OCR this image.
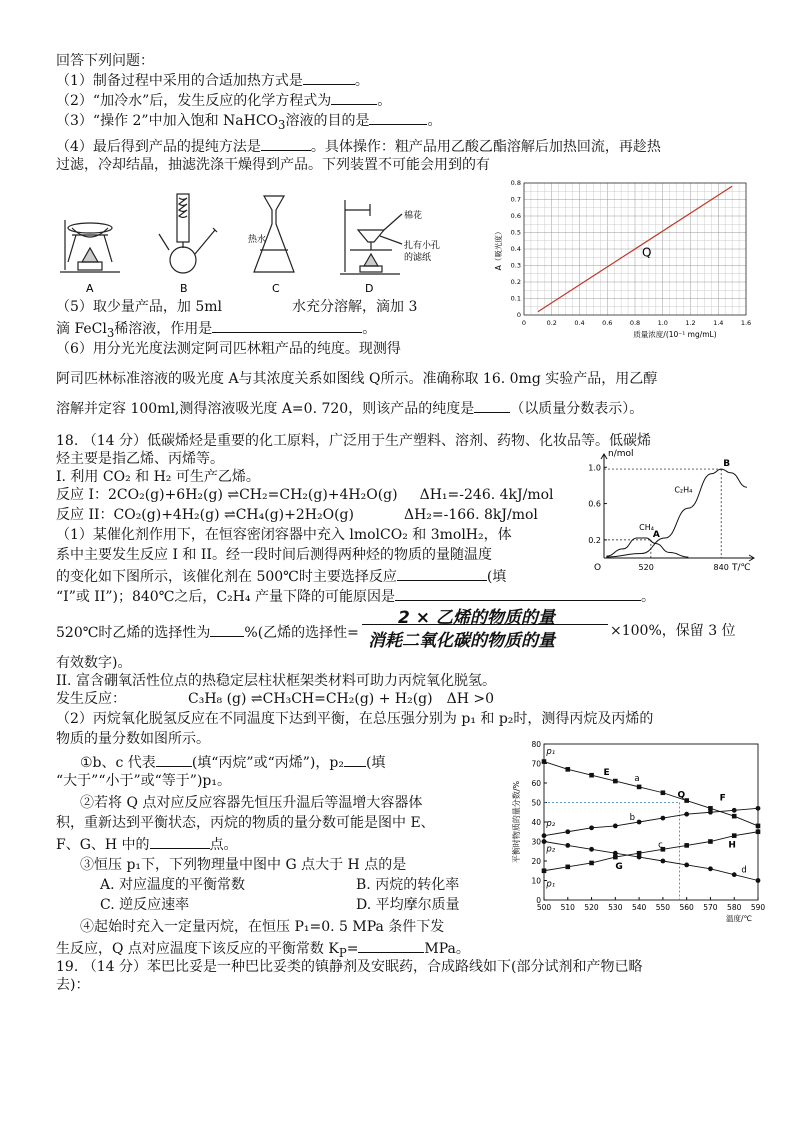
回答下列问题：
（1）制备过程中采用的合适加热方式是	。
（2）“加冷水”后，发生反应的化学方程式为	。
（3）“操作 2”中加入饱和 NaHCO$_3$溶液的目的是	。
（4）最后得到产品的提纯方法是	。具体操作：粗产品用乙酸乙酯溶解后加热回流，再趁热
过滤，冷却结晶，抽滤洗涤干燥得到产品。下列装置不可能会用到的有
A	B	C	D
热水
棉花
扎有小孔
的滤纸
0	0.2	0.4	0.6	0.8	1.0	1.2	1.4	1.6
0
0.1
0.2
0.3
0.4
0.5
0.6
0.7
0.8
Q
质量浓度/(10⁻¹ mg/mL)
A（吸光度）
（5）取少量产品，加 5ml	水充分溶解，滴加 3
滴 FeCl$_3$稀溶液，作用是	。
（6）用分光光度法测定阿司匹林粗产品的纯度。现测得
阿司匹林标准溶液的吸光度 A与其浓度关系如图线 Q所示。准确称取 16. 0mg 实验产品，用乙醇
溶解并定容 100ml,测得溶液吸光度 A=0. 720，则该产品的纯度是	（以质量分数表示）。
18. （14 分）低碳烯烃是重要的化工原料，广泛用于生产塑料、溶剂、药物、化妆品等。低碳烯
烃主要是指乙烯、丙烯等。
I. 利用 CO₂ 和 H₂ 可生产乙烯。
反应 I：2CO₂(g)+6H₂(g) ⇌CH₂=CH₂(g)+4H₂O(g) ΔH₁=-246. 4kJ/mol
反应 II：CO₂(g)+4H₂(g) ⇌CH₄(g)+2H₂O(g)	ΔH₂=-166. 8kJ/mol
（1）某催化剂作用下，在恒容密闭容器中充入 lmolCO₂ 和 3molH₂，体
系中主要发生反应 I 和 II。经一段时间后测得两种烃的物质的量随温度
的变化如下图所示，该催化剂在 500℃时主要选择反应	(填
“I”或 II”)；840℃之后，C₂H₄ 产量下降的可能原因是	。
520℃时乙烯的选择性为 %(乙烯的选择性=
2 × 乙烯的物质的量
消耗二氧化碳的物质的量	×100%，保留 3 位
有效数字)。
n/mol
T/℃
O
0.2
0.6
1.0
520	840
C₂H₄
CH₄
A
B
II. 富含硼氧活性位点的热稳定层柱状框架类材料可助力丙烷氧化脱氢。
发生反应：	C₃H₈ (g) ⇌CH₃CH=CH₂(g) + H₂(g) ΔH >0
（2）丙烷氧化脱氢反应在不同温度下达到平衡，在总压强分别为 p₁ 和 p₂时，测得丙烷及丙烯的
物质的量分数如图所示。
①b、c 代表	(填“丙烷”或“丙烯”)，p₂ (填
“大于”“小于”或“等于”)p₁。
②若将 Q 点对应反应容器先恒压升温后等温增大容器体
积，重新达到平衡状态，丙烷的物质的量分数可能是图中 E、
F、G、H 中的	点。
③恒压 p₁下，下列物理量中图中 G 点大于 H 点的是
A. 对应温度的平衡常数	B. 丙烷的转化率
C. 逆反应速率	D. 平均摩尔质量
④起始时充入一定量丙烷，在恒压 P₁=0. 5 MPa 条件下发
生反应，Q 点对应温度下该反应的平衡常数 $K_P=$	MPa。
500 510 520 530 540 550 560 570 580 590
0
10
20
30
40
50
60
70
80
温度/℃
平衡时物质的量分数/%
a
b
c
d
p₁
p₂
p₂
p₁
E
Q	F
G
H
19. （14 分）苯巴比妥是一种巴比妥类的镇静剂及安眠药，合成路线如下(部分试剂和产物已略
去)：
